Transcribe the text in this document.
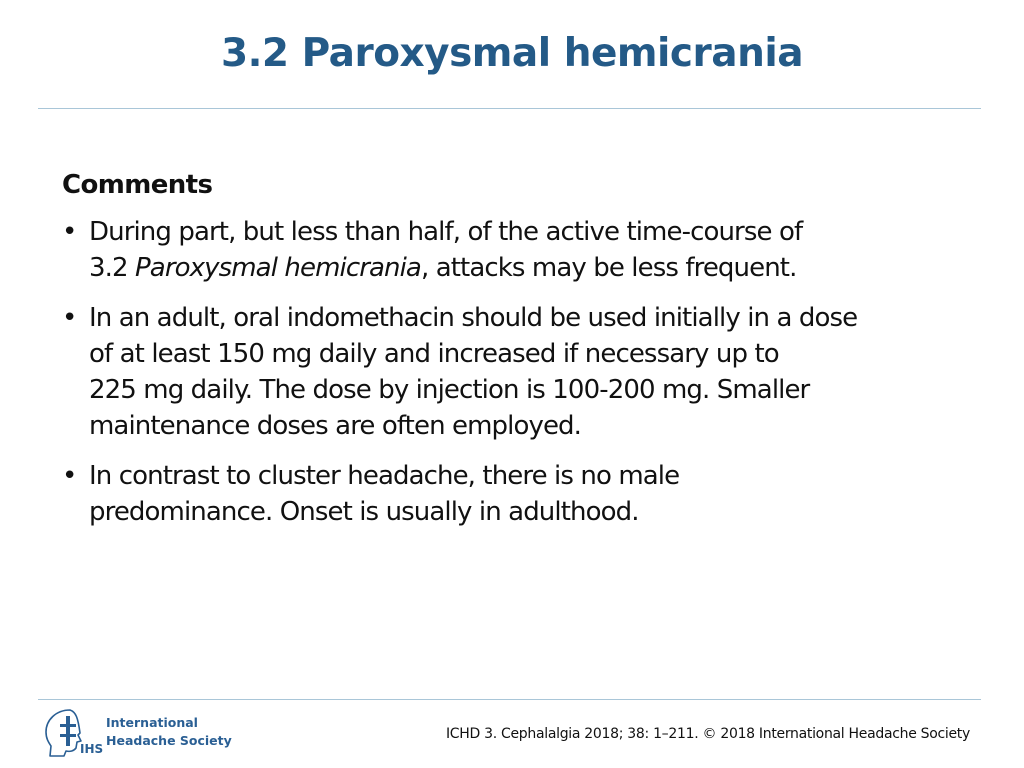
3.2 Paroxysmal hemicrania
Comments
• During part, but less than half, of the active time-course of
3.2 Paroxysmal hemicrania, attacks may be less frequent.
• In an adult, oral indomethacin should be used initially in a dose
of at least 150 mg daily and increased if necessary up to
225 mg daily. The dose by injection is 100-200 mg. Smaller
maintenance doses are often employed.
• In contrast to cluster headache, there is no male
predominance. Onset is usually in adulthood.
IHS
International
Headache Society	ICHD 3. Cephalalgia 2018; 38: 1–211. © 2018 International Headache Society
